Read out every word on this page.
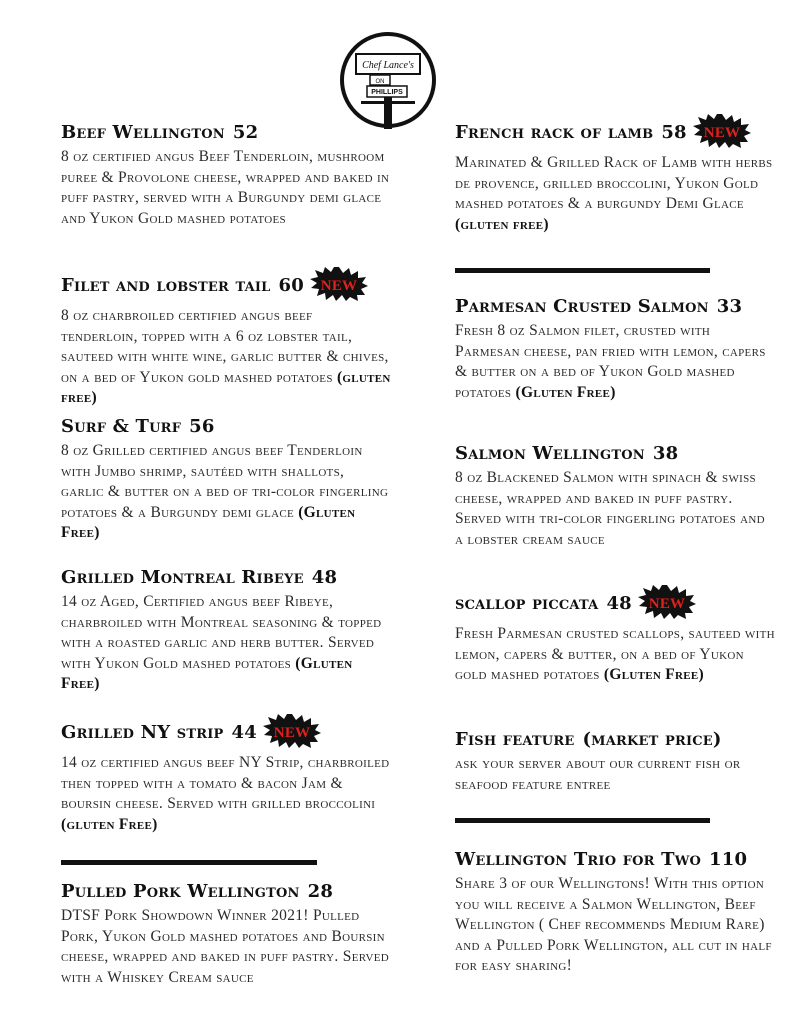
Chef Lance's
ON
PHILLIPS
Beef Wellington 52
8 oz certified angus Beef Tenderloin, mushroom puree & Provolone cheese, wrapped and baked in puff pastry, served with a Burgundy demi glace and Yukon Gold mashed potatoes
Filet and lobster tail 60 NEW
8 oz charbroiled certified angus beef tenderloin, topped with a 6 oz lobster tail, sauteed with white wine, garlic butter & chives, on a bed of Yukon gold mashed potatoes (gluten free)
Surf & Turf 56
8 oz Grilled certified angus beef Tenderloin with Jumbo shrimp, sautéed with shallots, garlic & butter on a bed of tri-color fingerling potatoes & a Burgundy demi glace (Gluten Free)
Grilled Montreal Ribeye 48
14 oz Aged, Certified angus beef Ribeye, charbroiled with Montreal seasoning & topped with a roasted garlic and herb butter. Served with Yukon Gold mashed potatoes (Gluten Free)
Grilled NY strip 44 NEW
14 oz certified angus beef NY Strip, charbroiled then topped with a tomato & bacon Jam & boursin cheese. Served with grilled broccolini (gluten Free)
Pulled Pork Wellington 28
DTSF Pork Showdown Winner 2021! Pulled Pork, Yukon Gold mashed potatoes and Boursin cheese, wrapped and baked in puff pastry. Served with a Whiskey Cream sauce
French rack of lamb 58 NEW
Marinated & Grilled Rack of Lamb with herbs de provence, grilled broccolini, Yukon Gold mashed potatoes & a burgundy Demi Glace (gluten free)
Parmesan Crusted Salmon 33
Fresh 8 oz Salmon filet, crusted with Parmesan cheese, pan fried with lemon, capers & butter on a bed of Yukon Gold mashed potatoes (Gluten Free)
Salmon Wellington 38
8 oz Blackened Salmon with spinach & swiss cheese, wrapped and baked in puff pastry. Served with tri-color fingerling potatoes and a lobster cream sauce
scallop piccata 48 NEW
Fresh Parmesan crusted scallops, sauteed with lemon, capers & butter, on a bed of Yukon gold mashed potatoes (Gluten Free)
Fish feature (market price)
ask your server about our current fish or seafood feature entree
Wellington Trio for Two 110
Share 3 of our Wellingtons! With this option you will receive a Salmon Wellington, Beef Wellington ( Chef recommends Medium Rare) and a Pulled Pork Wellington, all cut in half for easy sharing!
